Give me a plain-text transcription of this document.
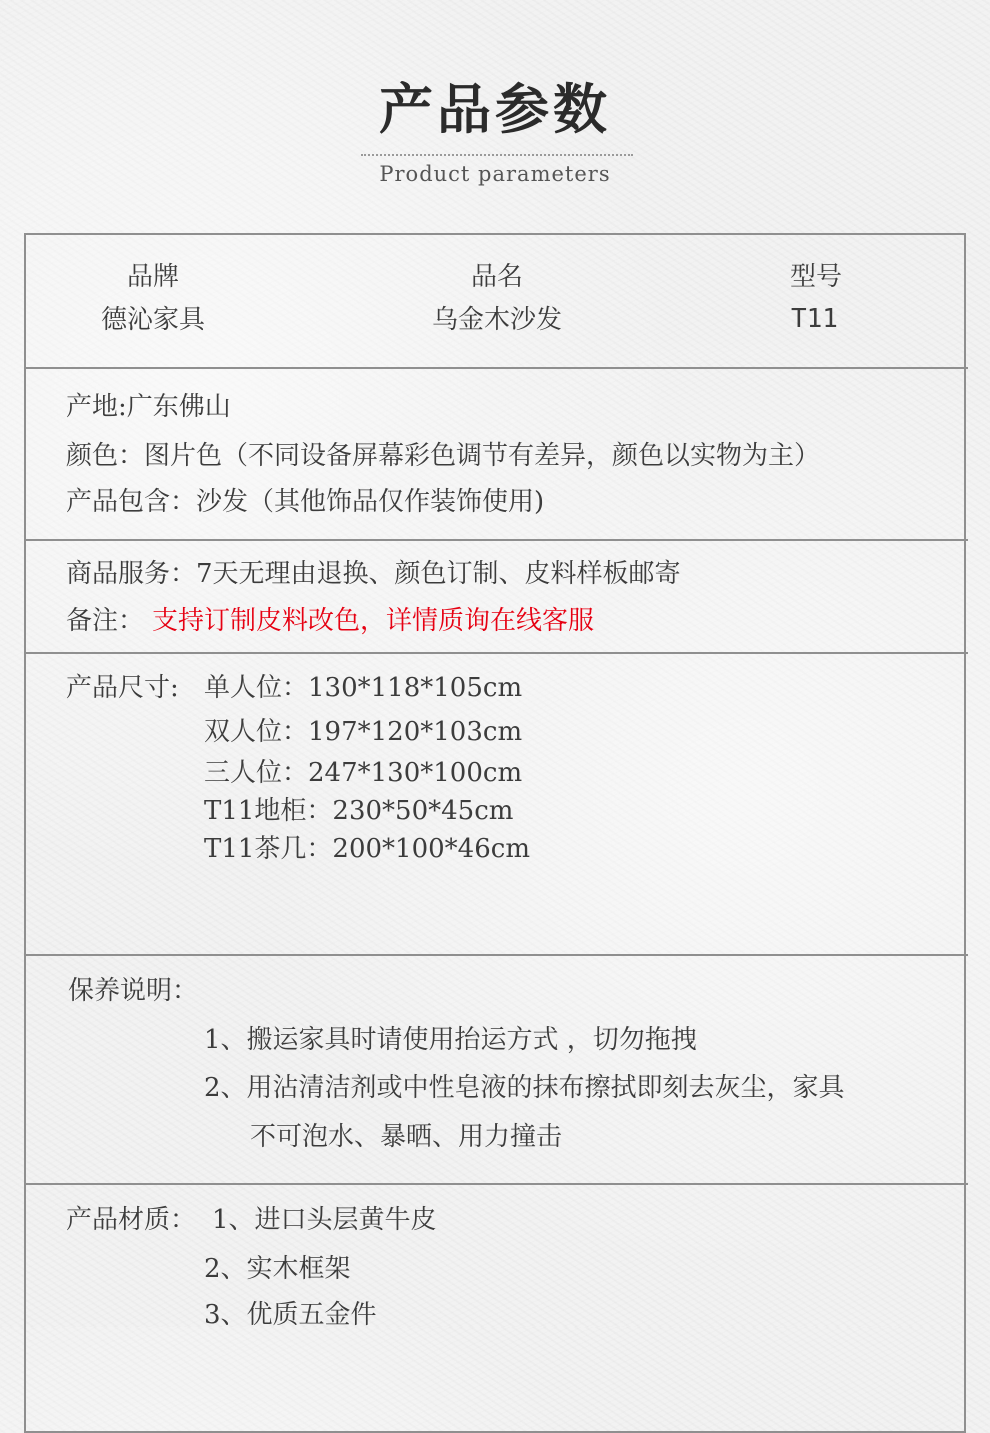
产品参数
Product parameters
品牌
德沁家具
品名
乌金木沙发
型号
T11
产地:广东佛山
颜色：图片色（不同设备屏幕彩色调节有差异，颜色以实物为主）
产品包含：沙发（其他饰品仅作装饰使用)
商品服务：7天无理由退换、颜色订制、皮料样板邮寄
备注： 支持订制皮料改色，详情质询在线客服
产品尺寸: 单人位：130*118*105cm
双人位：197*120*103cm
三人位：247*130*100cm
T11地柜：230*50*45cm
T11茶几：200*100*46cm
保养说明：
1、搬运家具时请使用抬运方式 ，切勿拖拽
2、用沾清洁剂或中性皂液的抹布擦拭即刻去灰尘，家具
不可泡水、暴晒、用力撞击
产品材质： 1、进口头层黄牛皮
2、实木框架
3、优质五金件
